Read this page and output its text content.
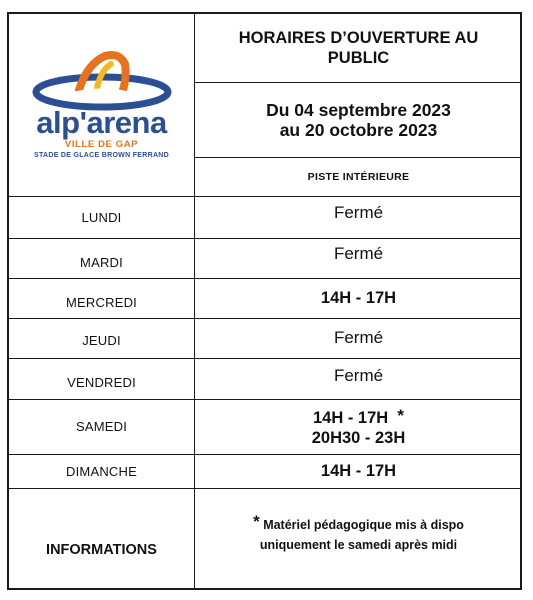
alp'arena
VILLE DE GAP
STADE DE GLACE BROWN FERRAND
HORAIRES D’OUVERTURE AU PUBLIC
Du 04 septembre 2023
au 20 octobre 2023
PISTE INTÉRIEURE
LUNDI	Fermé
MARDI	Fermé
MERCREDI	14H - 17H
JEUDI	Fermé
VENDREDI	Fermé
SAMEDI	14H - 17H *
20H30 - 23H
DIMANCHE	14H - 17H
INFORMATIONS
* Matériel pédagogique mis à dispo
uniquement le samedi après midi
